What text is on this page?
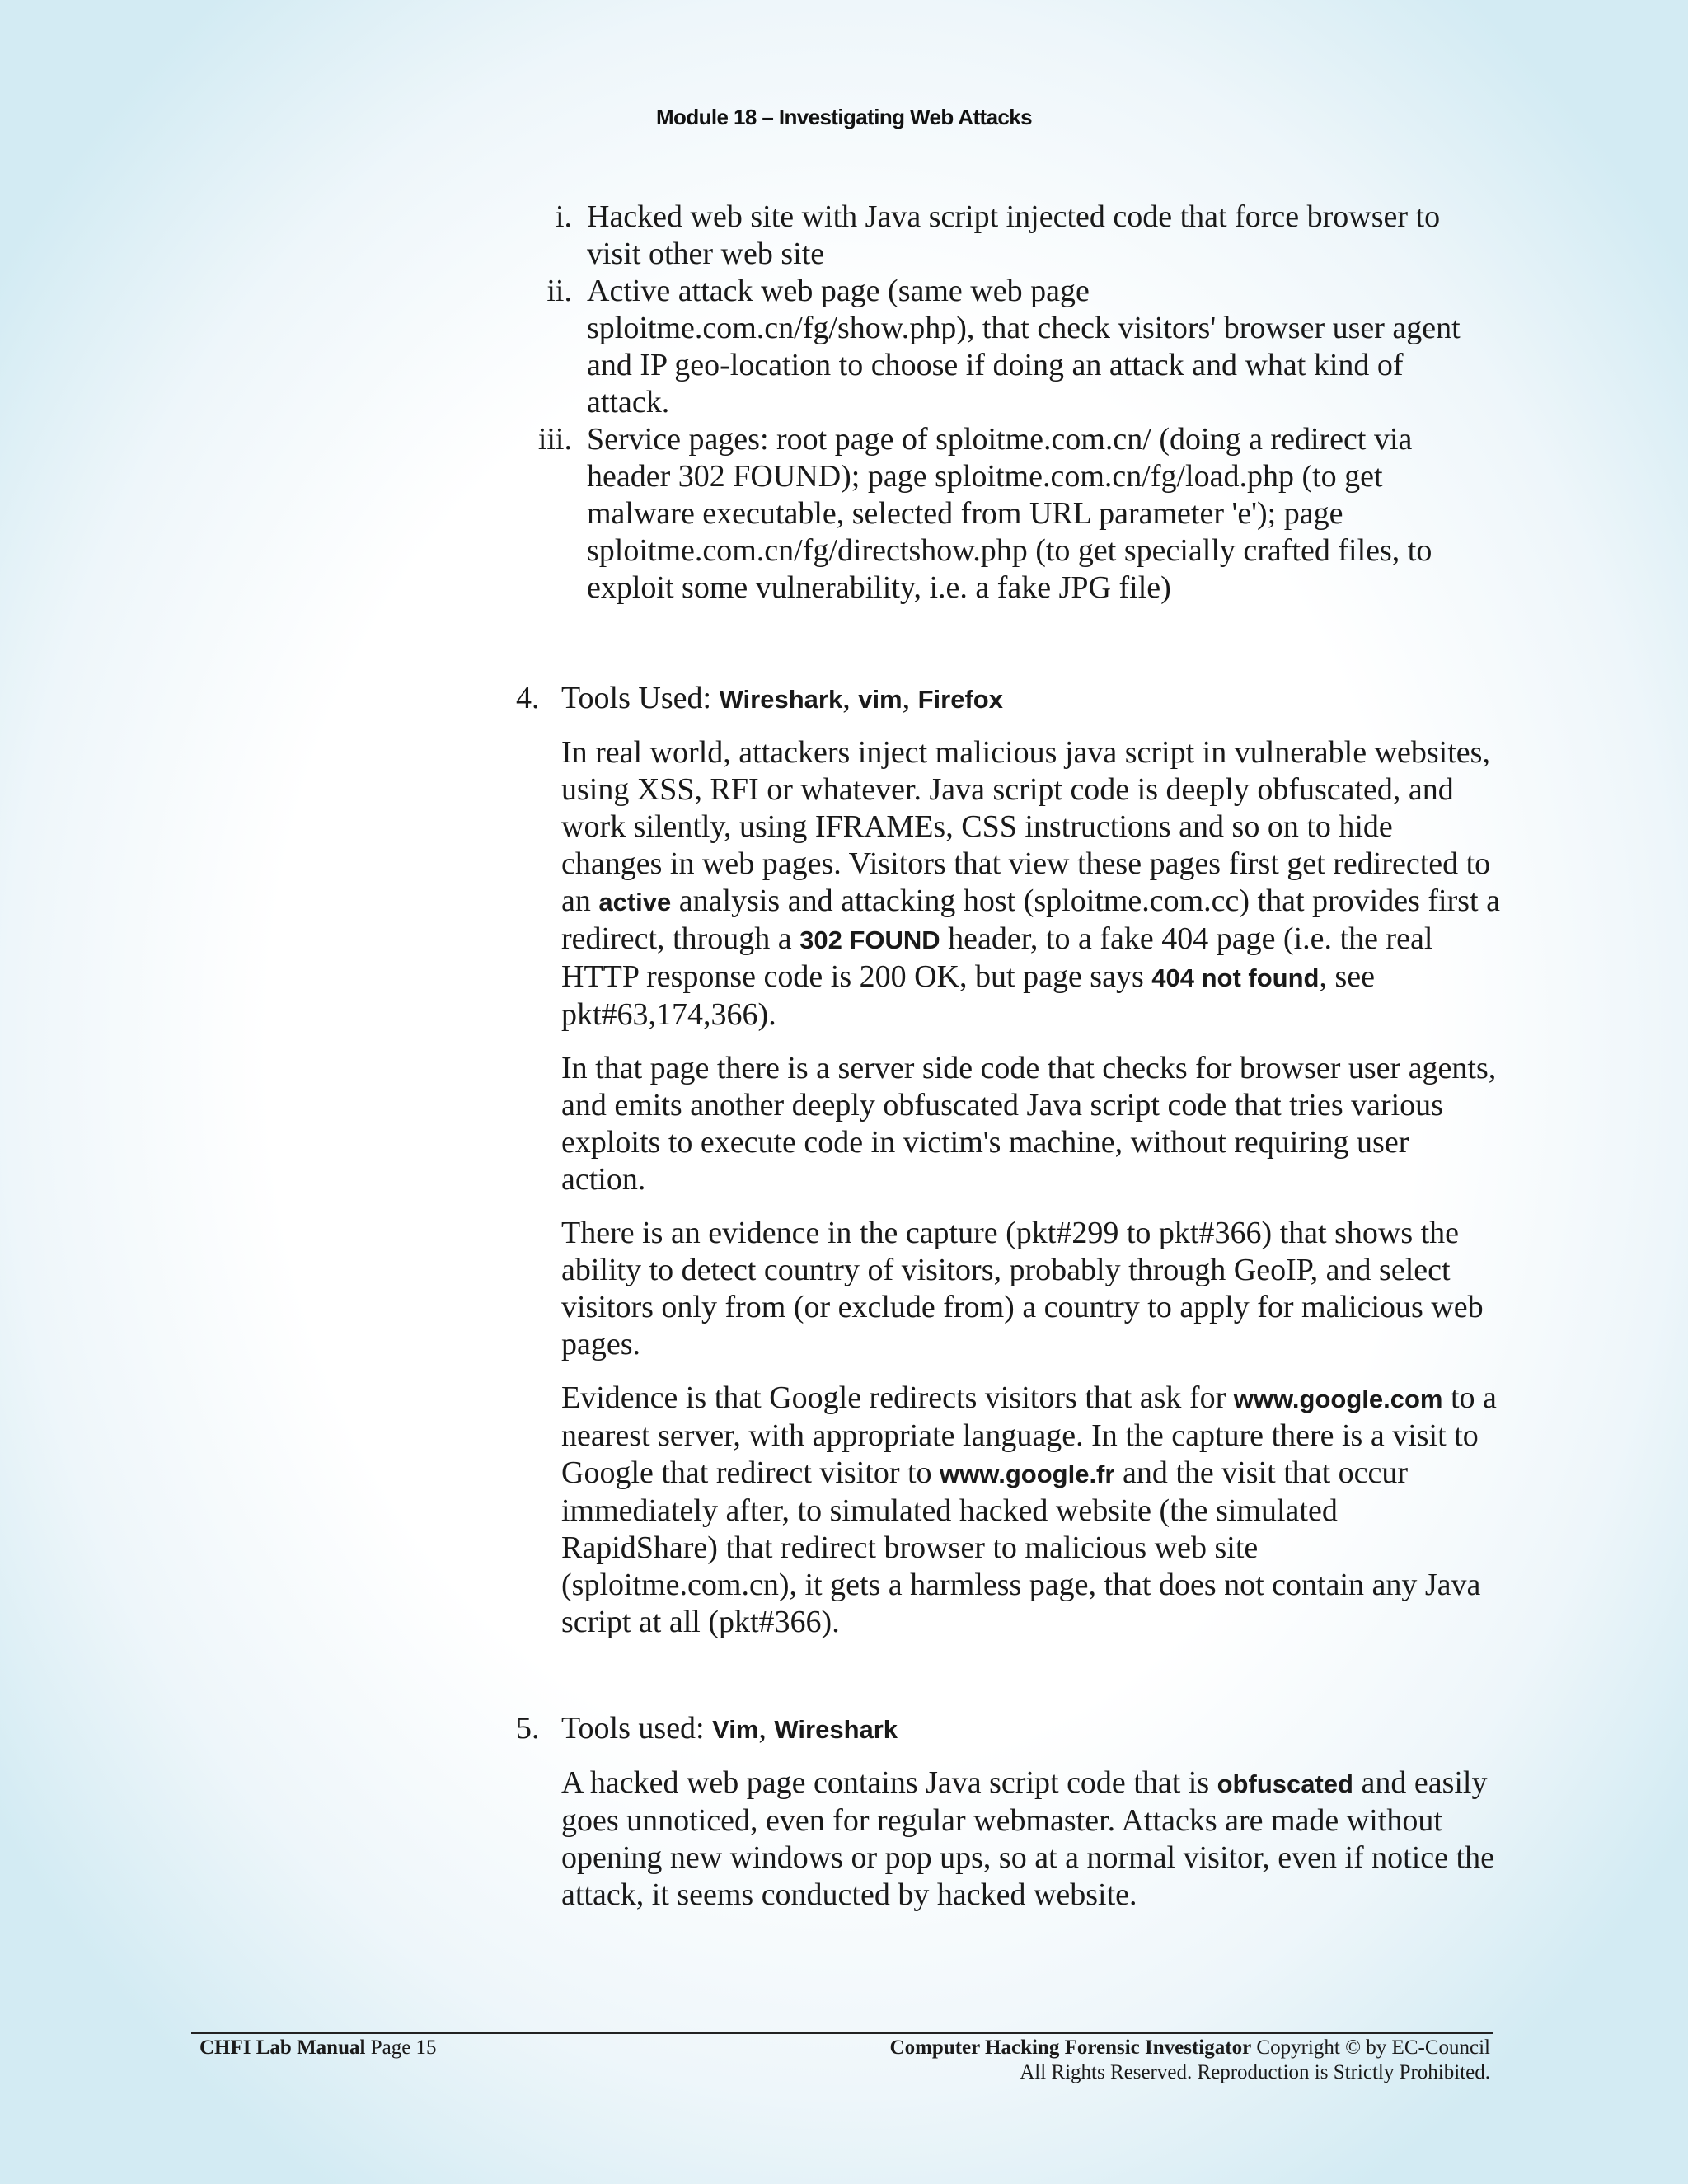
Module 18 – Investigating Web Attacks
i. Hacked web site with Java script injected code that force browser to visit other web site
ii. Active attack web page (same web page sploitme.com.cn/fg/show.php), that check visitors' browser user agent and IP geo-location to choose if doing an attack and what kind of attack.
iii. Service pages: root page of sploitme.com.cn/ (doing a redirect via header 302 FOUND); page sploitme.com.cn/fg/load.php (to get malware executable, selected from URL parameter 'e'); page sploitme.com.cn/fg/directshow.php (to get specially crafted files, to exploit some vulnerability, i.e. a fake JPG file)
4. Tools Used: Wireshark, vim, Firefox

In real world, attackers inject malicious java script in vulnerable websites, using XSS, RFI or whatever. Java script code is deeply obfuscated, and work silently, using IFRAMEs, CSS instructions and so on to hide changes in web pages. Visitors that view these pages first get redirected to an active analysis and attacking host (sploitme.com.cc) that provides first a redirect, through a 302 FOUND header, to a fake 404 page (i.e. the real HTTP response code is 200 OK, but page says 404 not found, see pkt#63,174,366).

In that page there is a server side code that checks for browser user agents, and emits another deeply obfuscated Java script code that tries various exploits to execute code in victim's machine, without requiring user action.

There is an evidence in the capture (pkt#299 to pkt#366) that shows the ability to detect country of visitors, probably through GeoIP, and select visitors only from (or exclude from) a country to apply for malicious web pages.

Evidence is that Google redirects visitors that ask for www.google.com to a nearest server, with appropriate language. In the capture there is a visit to Google that redirect visitor to www.google.fr and the visit that occur immediately after, to simulated hacked website (the simulated RapidShare) that redirect browser to malicious web site (sploitme.com.cn), it gets a harmless page, that does not contain any Java script at all (pkt#366).

5. Tools used: Vim, Wireshark

A hacked web page contains Java script code that is obfuscated and easily goes unnoticed, even for regular webmaster. Attacks are made without opening new windows or pop ups, so at a normal visitor, even if notice the attack, it seems conducted by hacked website.

CHFI Lab Manual Page 15	Computer Hacking Forensic Investigator Copyright © by EC-Council
All Rights Reserved. Reproduction is Strictly Prohibited.
